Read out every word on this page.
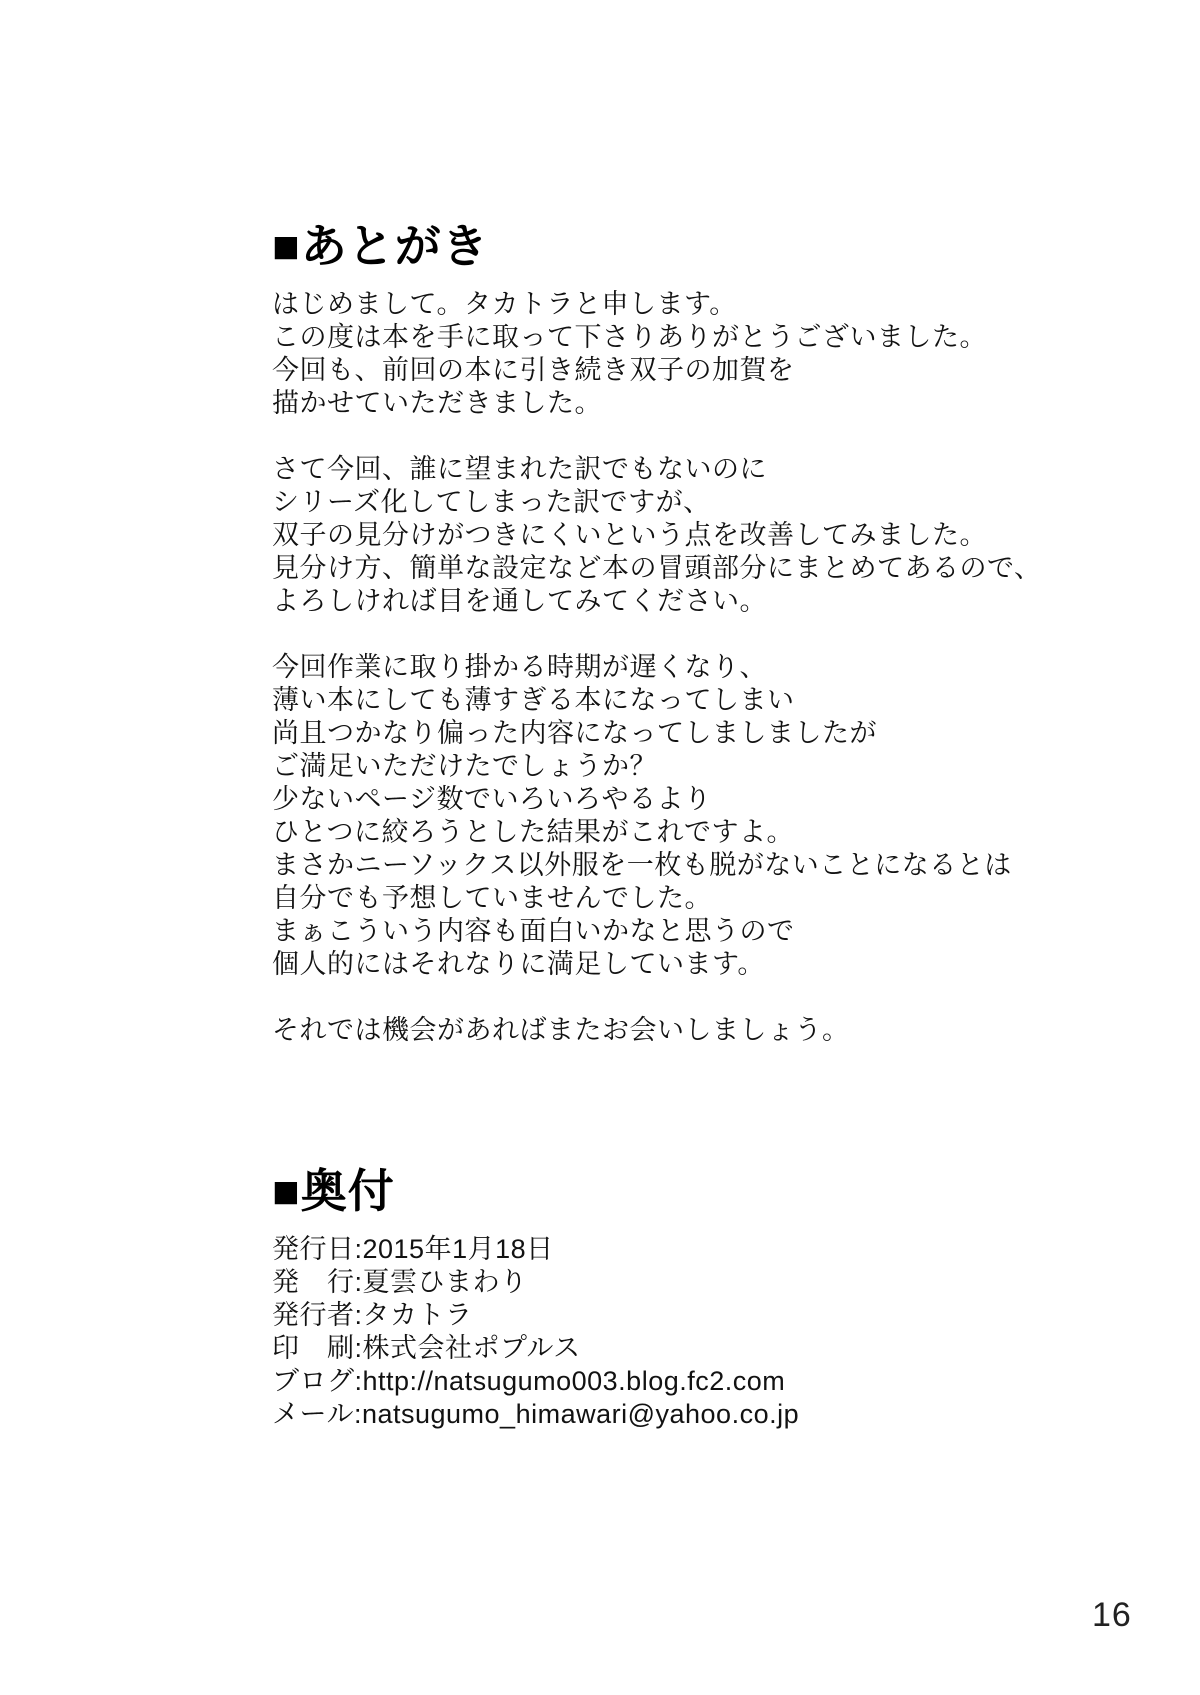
■あとがき
はじめまして。タカトラと申します。
この度は本を手に取って下さりありがとうございました。
今回も、前回の本に引き続き双子の加賀を
描かせていただきました。
さて今回、誰に望まれた訳でもないのに
シリーズ化してしまった訳ですが、
双子の見分けがつきにくいという点を改善してみました。
見分け方、簡単な設定など本の冒頭部分にまとめてあるので、
よろしければ目を通してみてください。
今回作業に取り掛かる時期が遅くなり、
薄い本にしても薄すぎる本になってしまい
尚且つかなり偏った内容になってしましましたが
ご満足いただけたでしょうか？
少ないページ数でいろいろやるより
ひとつに絞ろうとした結果がこれですよ。
まさかニーソックス以外服を一枚も脱がないことになるとは
自分でも予想していませんでした。
まぁこういう内容も面白いかなと思うので
個人的にはそれなりに満足しています。
それでは機会があればまたお会いしましょう。
■奥付
発行日:2015年1月18日
発　行:夏雲ひまわり
発行者:タカトラ
印　刷:株式会社ポプルス
ブログ:http://natsugumo003.blog.fc2.com
メール:natsugumo_himawari@yahoo.co.jp
16
